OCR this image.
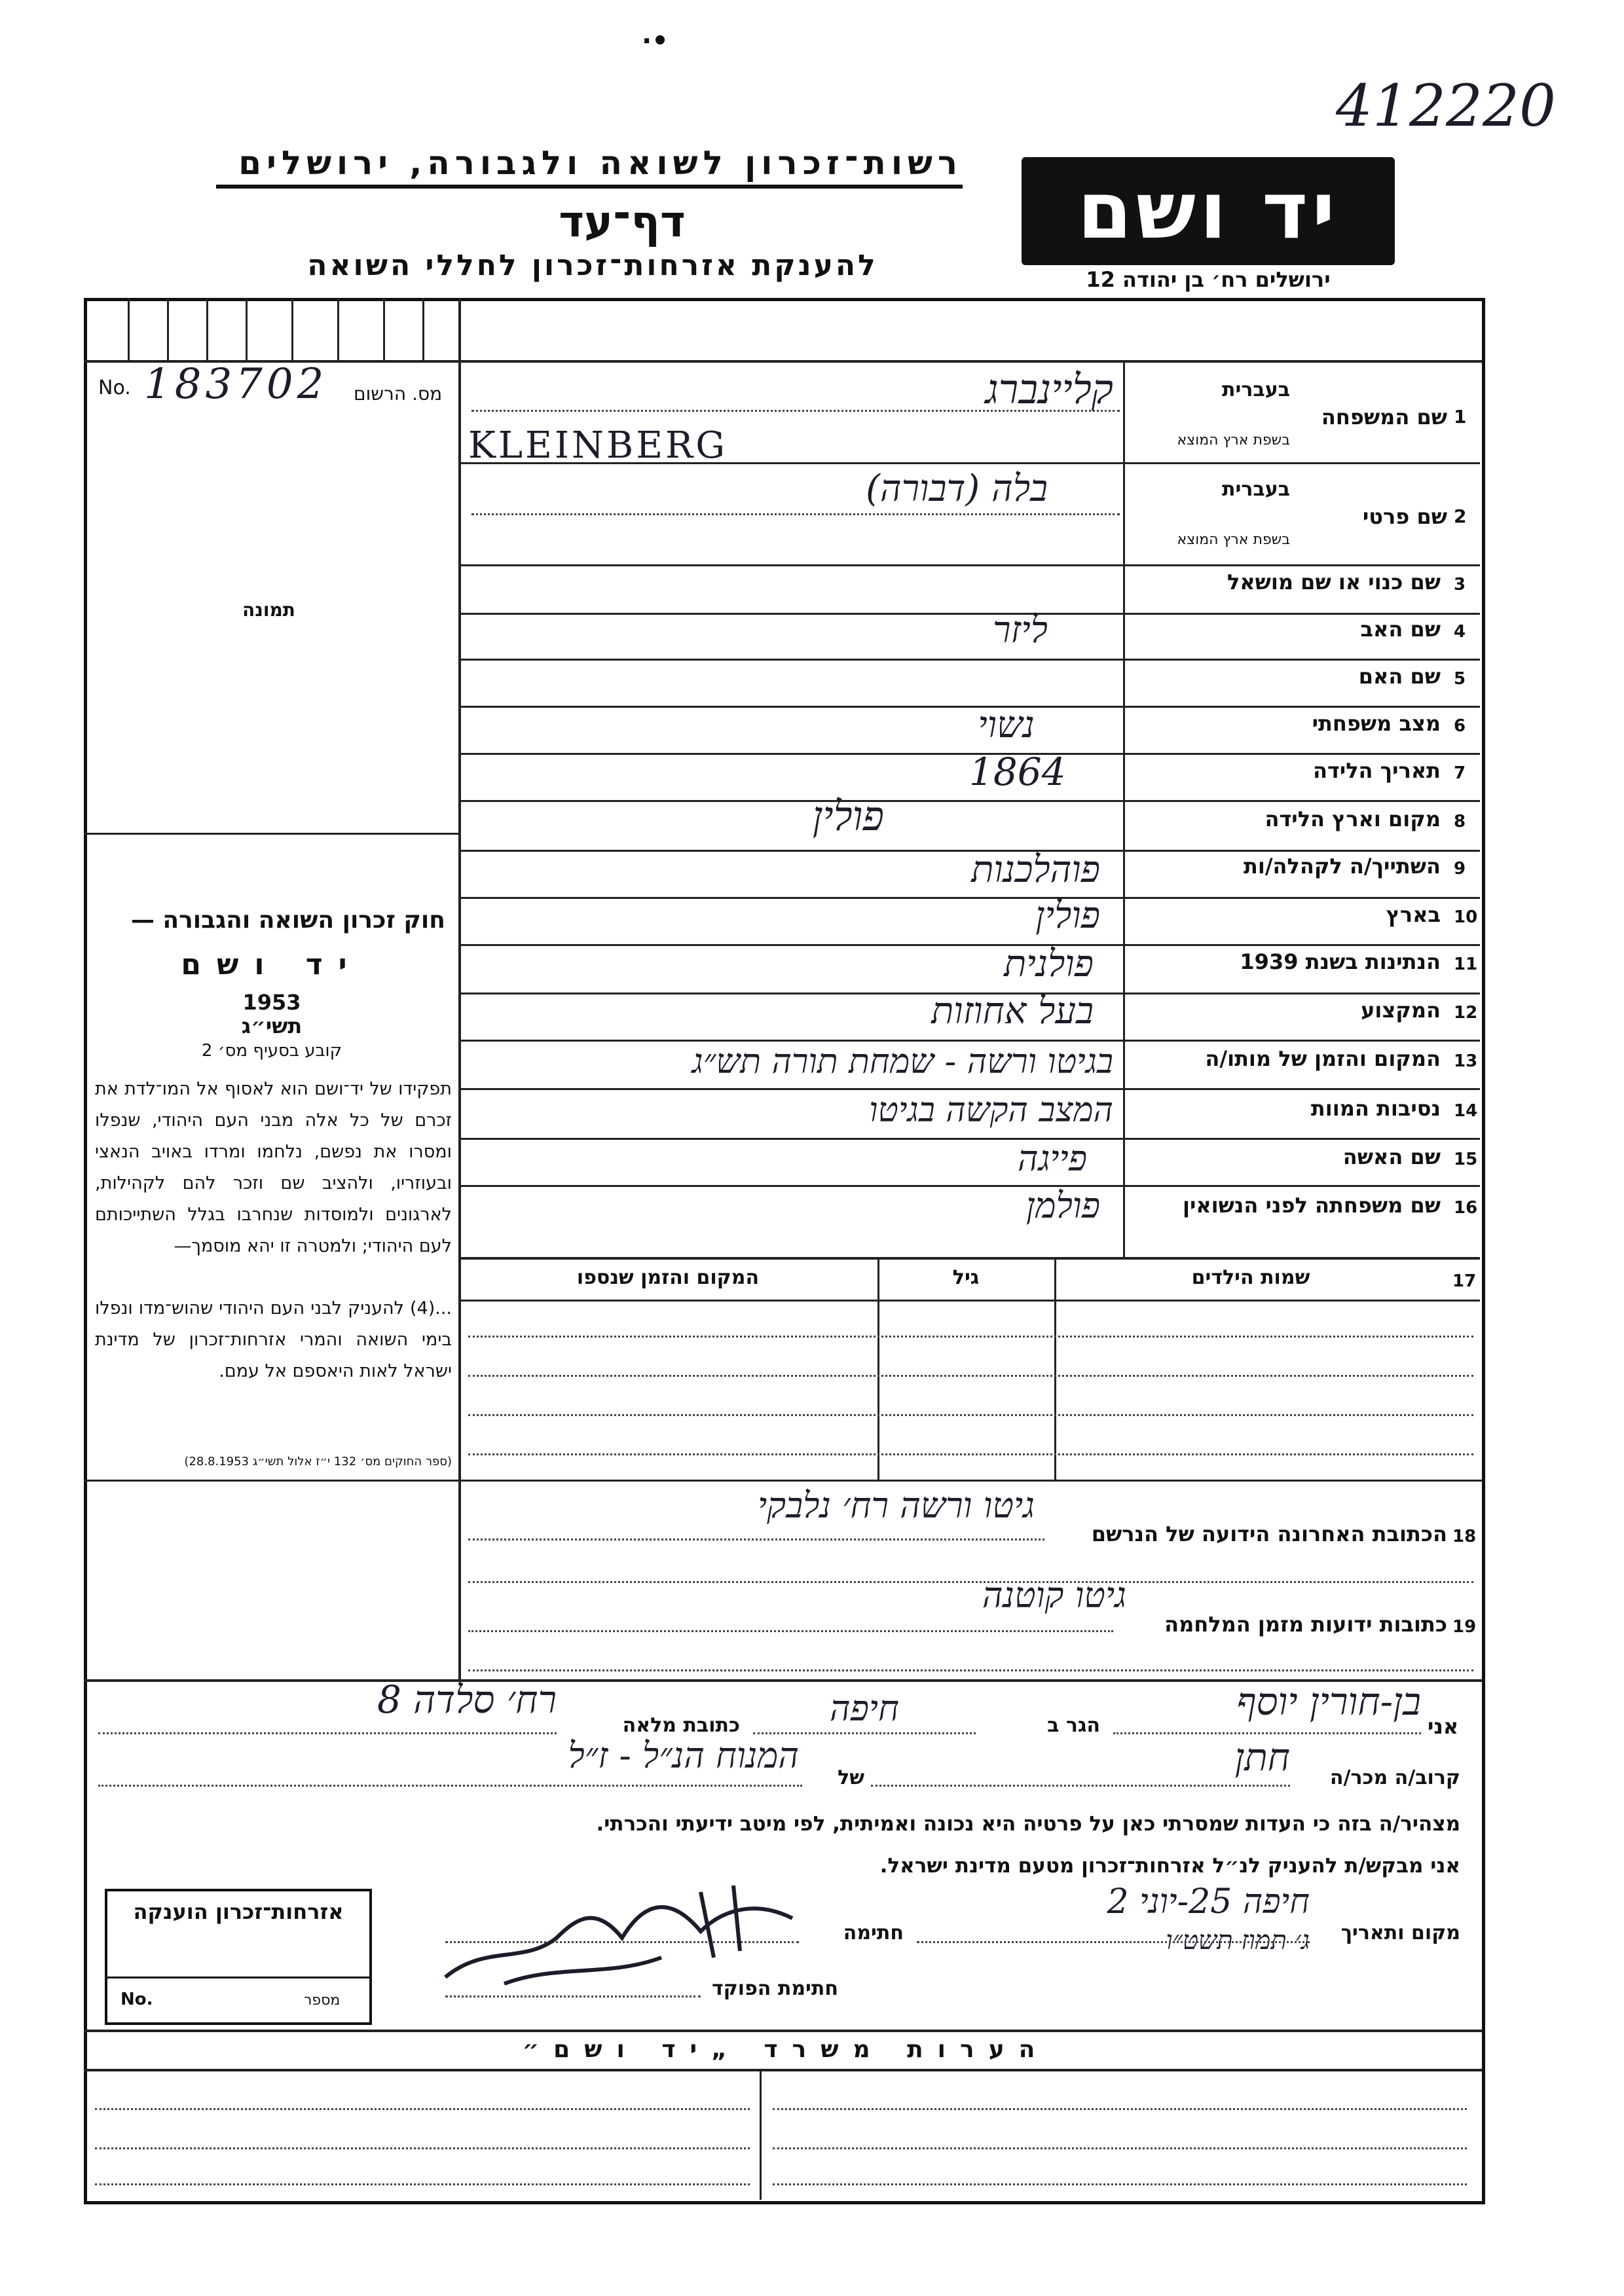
412220
·•
רשות־זכרון לשואה ולגבורה, ירושלים
דף־עד
להענקת אזרחות־זכרון לחללי השואה
יד ושם
ירושלים רח׳ בן יהודה 12
No. 183702 מס. הרשום
תמונה
חוק זכרון השואה והגבורה —
יד ושם
1953
תשי״ג
קובע בסעיף מס׳ 2
תפקידו של יד־ושם הוא לאסוף אל המו־לדת את זכרם של כל אלה מבני העם היהודי, שנפלו ומסרו את נפשם, נלחמו ומרדו באויב הנאצי ובעוזריו, ולהציב שם וזכר להם לקהילות, לארגונים ולמוסדות שנחרבו בגלל השתייכותם לעם היהודי; ולמטרה זו יהא מוסמך—
...(4) להעניק לבני העם היהודי שהוש־מדו ונפלו בימי השואה והמרי אזרחות־זכרון של מדינת ישראל לאות היאספם אל עמם.
(ספר החוקים מס׳ 132 י״ז אלול תשי״ג 28.8.1953)
1
בעברית
שם המשפחה
בשפת ארץ המוצא
קליינברג
KLEINBERG
2
בעברית
שם פרטי
בשפת ארץ המוצא
בלה (דבורה)
3
שם כנוי או שם מושאל
4
שם האב
ליזר
5
שם האם
6
מצב משפחתי
נשוי
7
תאריך הלידה
1864
8
מקום וארץ הלידה
פולין
9
השתייך/ה לקהלה/ות
פוהלכנות
10
בארץ
פולין
11
הנתינות בשנת 1939
פולנית
12
המקצוע
בעל אחוזות
13
המקום והזמן של מותו/ה
בגיטו ורשה - שמחת תורה תש״ג
14
נסיבות המוות
המצב הקשה בגיטו
15
שם האשה
פייגה
16
שם משפחתה לפני הנשואין
פולמן
17
שמות הילדים
גיל
המקום והזמן שנספו
18
הכתובת האחרונה הידועה של הנרשם
גיטו ורשה רח׳ נלבקי
19
כתובות ידועות מזמן המלחמה
גיטו קוטנה
אני
בן-חורין יוסף
הגר ב
חיפה
כתובת מלאה
רח׳ סלדה 8
קרוב/ה מכר/ה
חתן
של
המנוח הנ״ל - ז״ל
מצהיר/ה בזה כי העדות שמסרתי כאן על פרטיה היא נכונה ואמיתית, לפי מיטב ידיעתי והכרתי.
אני מבקש/ת להעניק לנ״ל אזרחות־זכרון מטעם מדינת ישראל.
מקום ותאריך
חיפה 25-יוני 2
ג׳ תמוז תשט״ו
חתימה
חתימת הפוקד
אזרחות־זכרון הוענקה
No.	מספר
הערות משרד „יד ושם״
